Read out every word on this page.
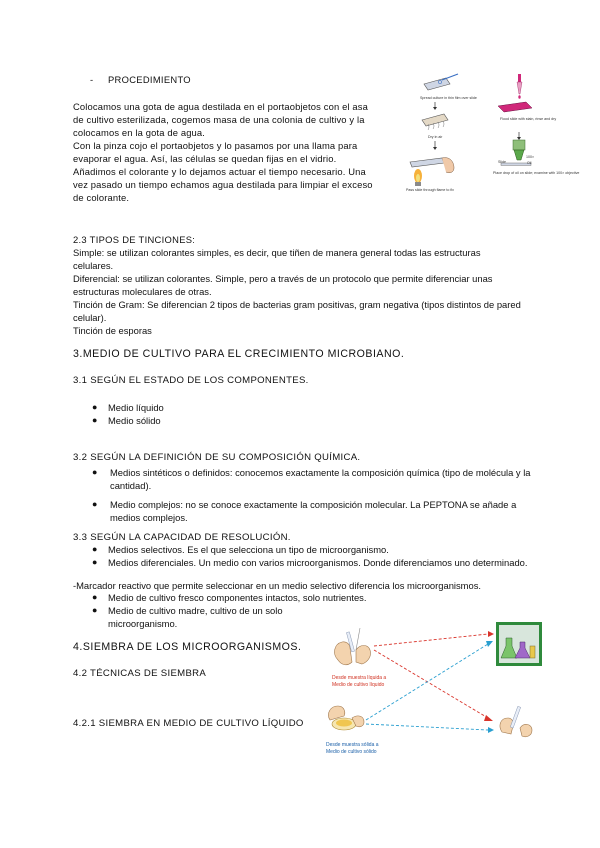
- PROCEDIMIENTO
Colocamos una gota de agua destilada en el portaobjetos con el asa
de cultivo esterilizada, cogemos masa de una colonia de cultivo y la
colocamos en la gota de agua.
Con la pinza cojo el portaobjetos y lo pasamos por una llama para
evaporar el agua. Así, las células se quedan fijas en el vidrio.
Añadimos el colorante y lo dejamos actuar el tiempo necesario. Una
vez pasado un tiempo echamos agua destilada para limpiar el exceso
de colorante.
Spread culture in thin film over slide
Dry in air
Pass slide through flame to fix
Flood slide with stain, rinse and dry
100×
Oil
Slide
Place drop of oil on slide; examine with 100× objective
2.3 TIPOS DE TINCIONES:
Simple: se utilizan colorantes simples, es decir, que tiñen de manera general todas las estructuras
celulares.
Diferencial: se utilizan colorantes. Simple, pero a través de un protocolo que permite diferenciar unas
estructuras moleculares de otras.
Tinción de Gram: Se diferencian 2 tipos de bacterias gram positivas, gram negativa (tipos distintos de pared
celular).
Tinción de esporas
3.MEDIO DE CULTIVO PARA EL CRECIMIENTO MICROBIANO.
3.1 SEGÚN EL ESTADO DE LOS COMPONENTES.
● Medio líquido
● Medio sólido
3.2 SEGÚN LA DEFINICIÓN DE SU COMPOSICIÓN QUÍMICA.
● Medios sintéticos o definidos: conocemos exactamente la composición química (tipo de molécula y la
cantidad).
● Medio complejos: no se conoce exactamente la composición molecular. La PEPTONA se añade a
medios complejos.
3.3 SEGÚN LA CAPACIDAD DE RESOLUCIÓN.
● Medios selectivos. Es el que selecciona un tipo de microorganismo.
● Medios diferenciales. Un medio con varios microorganismos. Donde diferenciamos uno determinado.
-Marcador reactivo que permite seleccionar en un medio selectivo diferencia los microorganismos.
● Medio de cultivo fresco componentes intactos, solo nutrientes.
● Medio de cultivo madre, cultivo de un solo
microorganismo.
4.SIEMBRA DE LOS MICROORGANISMOS.
4.2 TÉCNICAS DE SIEMBRA
4.2.1 SIEMBRA EN MEDIO DE CULTIVO LÍQUIDO
Desde muestra líquida a
Medio de cultivo líquido
Desde muestra sólida a
Medio de cultivo sólido
